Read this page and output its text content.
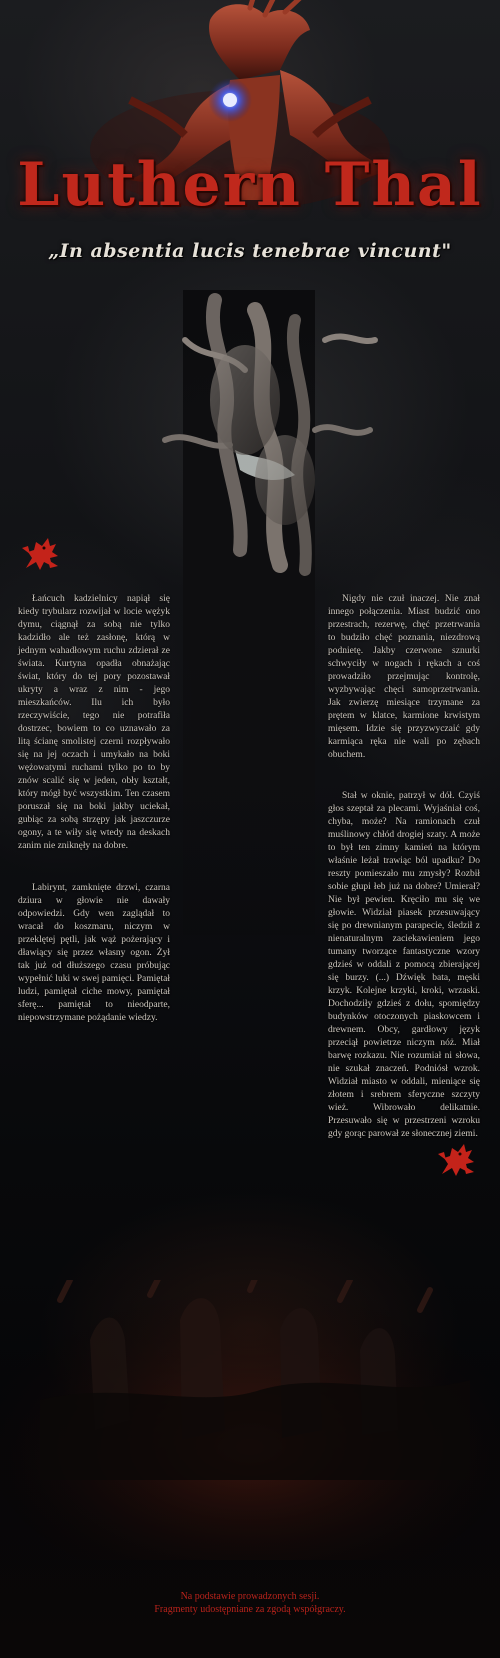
Luthern Thal
„In absentia lucis tenebrae vincunt"

Łańcuch kadzielnicy napiął się kiedy trybularz rozwijał w locie wężyk dymu, ciągnął za sobą nie tylko kadzidło ale też zasłonę, którą w jednym wahadłowym ruchu zdzierał ze świata. Kurtyna opadła obnażając świat, który do tej pory pozostawał ukryty a wraz z nim - jego mieszkańców. Ilu ich było rzeczywiście, tego nie potrafiła dostrzec, bowiem to co uznawało za litą ścianę smolistej czerni rozpływało się na jej oczach i umykało na boki wężowatymi ruchami tylko po to by znów scalić się w jeden, obły kształt, który mógł być wszystkim. Ten czasem poruszał się na boki jakby uciekał, gubiąc za sobą strzępy jak jaszczurze ogony, a te wiły się wtedy na deskach zanim nie zniknęły na dobre.

Labirynt, zamknięte drzwi, czarna dziura w głowie nie dawały odpowiedzi. Gdy wen zaglądał to wracał do koszmaru, niczym w przeklętej pętli, jak wąż pożerający i dławiący się przez własny ogon. Żył tak już od dłuższego czasu próbując wypełnić luki w swej pamięci. Pamiętał ludzi, pamiętał ciche mowy, pamiętał sferę... pamiętał to nieodparte, niepowstrzymane pożądanie wiedzy.

Nigdy nie czuł inaczej. Nie znał innego połączenia. Miast budzić ono przestrach, rezerwę, chęć przetrwania to budziło chęć poznania, niezdrową podnietę. Jakby czerwone sznurki schwyciły w nogach i rękach a coś prowadziło przejmując kontrolę, wyzbywając chęci samoprzetrwania. Jak zwierzę miesiące trzymane za prętem w klatce, karmione krwistym mięsem. Idzie się przyzwyczaić gdy karmiąca ręka nie wali po zębach obuchem.

Stał w oknie, patrzył w dół. Czyiś głos szeptał za plecami. Wyjaśniał coś, chyba, może? Na ramionach czuł muślinowy chłód drogiej szaty. A może to był ten zimny kamień na którym właśnie leżał trawiąc ból upadku? Do reszty pomieszało mu zmysły? Rozbił sobie głupi łeb już na dobre? Umierał? Nie był pewien. Kręciło mu się we głowie. Widział piasek przesuwający się po drewnianym parapecie, śledził z nienaturalnym zaciekawieniem jego tumany tworzące fantastyczne wzory gdzieś w oddali z pomocą zbierającej się burzy. (...) Dźwięk bata, męski krzyk. Kolejne krzyki, kroki, wrzaski. Dochodziły gdzieś z dołu, spomiędzy budynków otoczonych piaskowcem i drewnem. Obcy, gardłowy język przeciął powietrze niczym nóż. Miał barwę rozkazu. Nie rozumiał ni słowa, nie szukał znaczeń. Podniósł wzrok. Widział miasto w oddali, mieniące się złotem i srebrem sferyczne szczyty wież. Wibrowało delikatnie. Przesuwało się w przestrzeni wzroku gdy gorąc parował ze słonecznej ziemi.

Na podstawie prowadzonych sesji.
Fragmenty udostępniane za zgodą współgraczy.
